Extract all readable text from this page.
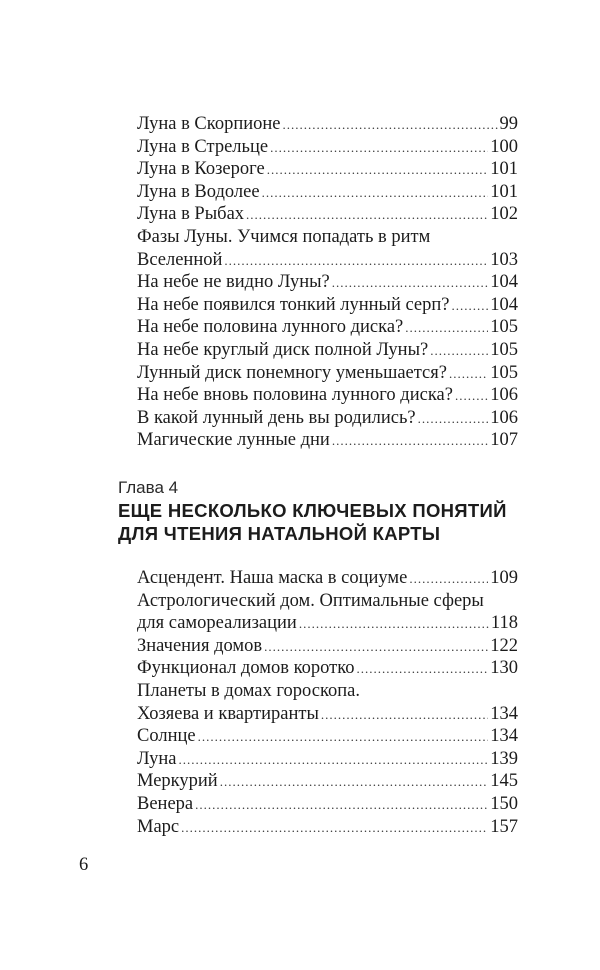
Луна в Скорпионе .....	99
Луна в Стрельце .....	100
Луна в Козероге .....	101
Луна в Водолее .....	101
Луна в Рыбах .....	102
Фазы Луны. Учимся попадать в ритм
Вселенной .....	103
На небе не видно Луны? .....	104
На небе появился тонкий лунный серп? ..... 104
На небе половина лунного диска? .....	105
На небе круглый диск полной Луны? .....	105
Лунный диск понемногу уменьшается? ..... 105
На небе вновь половина лунного диска? ..... 106
В какой лунный день вы родились? .....	106
Магические лунные дни .....	107
Глава 4
ЕЩЕ НЕСКОЛЬКО КЛЮЧЕВЫХ ПОНЯТИЙ
ДЛЯ ЧТЕНИЯ НАТАЛЬНОЙ КАРТЫ
Асцендент. Наша маска в социуме .....	109
Астрологический дом. Оптимальные сферы
для самореализации .....	118
Значения домов .....	122
Функционал домов коротко .....	130
Планеты в домах гороскопа.
Хозяева и квартиранты .....	134
Солнце .....	134
Луна .....	139
Меркурий .....	145
Венера .....	150
Марс .....	157
6
